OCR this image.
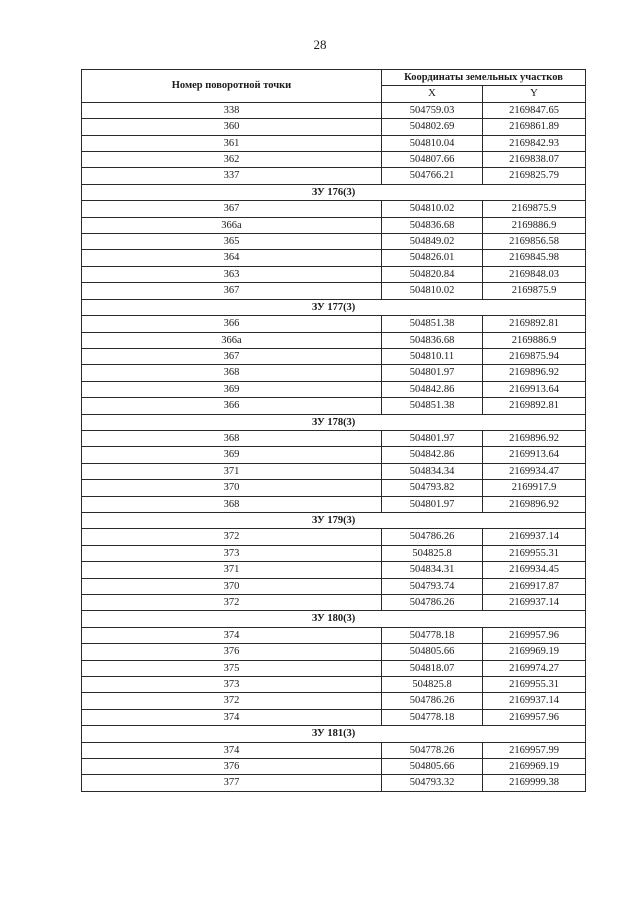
28
Номер поворотной точки	Координаты земельных участков	
	X	Y
338	504759.03	2169847.65
360	504802.69	2169861.89
361	504810.04	2169842.93
362	504807.66	2169838.07
337	504766.21	2169825.79
ЗУ 176(3)		
367	504810.02	2169875.9
366а	504836.68	2169886.9
365	504849.02	2169856.58
364	504826.01	2169845.98
363	504820.84	2169848.03
367	504810.02	2169875.9
ЗУ 177(3)		
366	504851.38	2169892.81
366а	504836.68	2169886.9
367	504810.11	2169875.94
368	504801.97	2169896.92
369	504842.86	2169913.64
366	504851.38	2169892.81
ЗУ 178(3)		
368	504801.97	2169896.92
369	504842.86	2169913.64
371	504834.34	2169934.47
370	504793.82	2169917.9
368	504801.97	2169896.92
ЗУ 179(3)		
372	504786.26	2169937.14
373	504825.8	2169955.31
371	504834.31	2169934.45
370	504793.74	2169917.87
372	504786.26	2169937.14
ЗУ 180(3)		
374	504778.18	2169957.96
376	504805.66	2169969.19
375	504818.07	2169974.27
373	504825.8	2169955.31
372	504786.26	2169937.14
374	504778.18	2169957.96
ЗУ 181(3)		
374	504778.26	2169957.99
376	504805.66	2169969.19
377	504793.32	2169999.38
